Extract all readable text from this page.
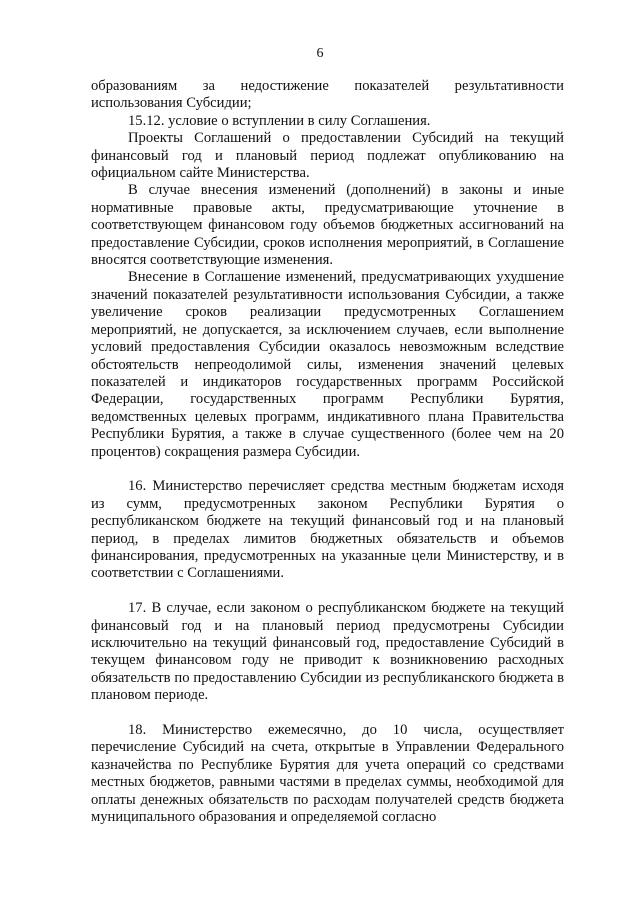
6
образованиям за недостижение показателей результативности использования Субсидии;
15.12. условие о вступлении в силу Соглашения.
Проекты Соглашений о предоставлении Субсидий на текущий финансовый год и плановый период подлежат опубликованию на официальном сайте Министерства.
В случае внесения изменений (дополнений) в законы и иные нормативные правовые акты, предусматривающие уточнение в соответствующем финансовом году объемов бюджетных ассигнований на предоставление Субсидии, сроков исполнения мероприятий, в Соглашение вносятся соответствующие изменения.
Внесение в Соглашение изменений, предусматривающих ухудшение значений показателей результативности использования Субсидии, а также увеличение сроков реализации предусмотренных Соглашением мероприятий, не допускается, за исключением случаев, если выполнение условий предоставления Субсидии оказалось невозможным вследствие обстоятельств непреодолимой силы, изменения значений целевых показателей и индикаторов государственных программ Российской Федерации, государственных программ Республики Бурятия, ведомственных целевых программ, индикативного плана Правительства Республики Бурятия, а также в случае существенного (более чем на 20 процентов) сокращения размера Субсидии.
16. Министерство перечисляет средства местным бюджетам исходя из сумм, предусмотренных законом Республики Бурятия о республиканском бюджете на текущий финансовый год и на плановый период, в пределах лимитов бюджетных обязательств и объемов финансирования, предусмотренных на указанные цели Министерству, и в соответствии с Соглашениями.
17. В случае, если законом о республиканском бюджете на текущий финансовый год и на плановый период предусмотрены Субсидии исключительно на текущий финансовый год, предоставление Субсидий в текущем финансовом году не приводит к возникновению расходных обязательств по предоставлению Субсидии из республиканского бюджета в плановом периоде.
18. Министерство ежемесячно, до 10 числа, осуществляет перечисление Субсидий на счета, открытые в Управлении Федерального казначейства по Республике Бурятия для учета операций со средствами местных бюджетов, равными частями в пределах суммы, необходимой для оплаты денежных обязательств по расходам получателей средств бюджета муниципального образования и определяемой согласно
